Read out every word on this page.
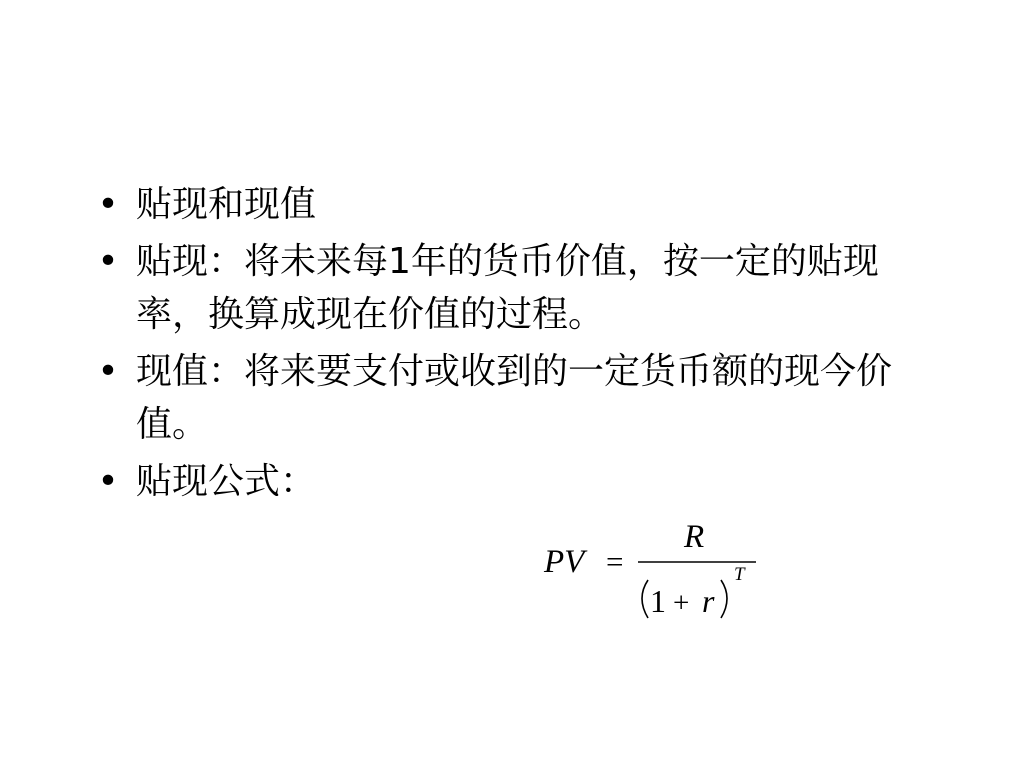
• 贴现和现值
• 贴现：将未来每1年的货币价值，按一定的贴现率，换算成现在价值的过程。
• 现值：将来要支付或收到的一定货币额的现今价值。
• 贴现公式：
PV =
R
1 + r
T
